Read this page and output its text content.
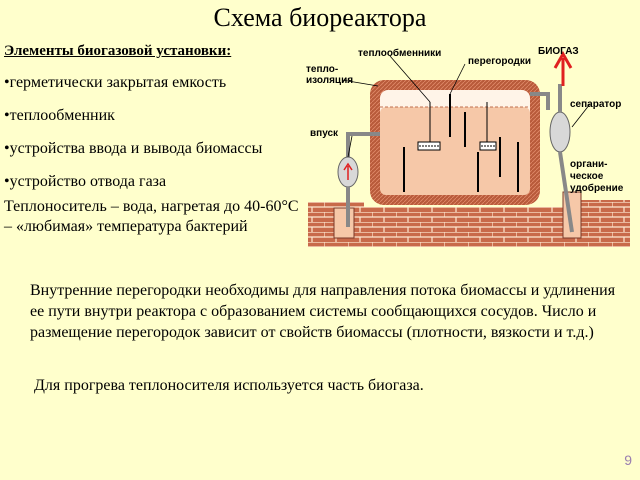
Схема биореактора
Элементы биогазовой установки:
•герметически закрытая емкость
•теплообменник
•устройства ввода и вывода биомассы
•устройство отвода газа
Теплоноситель – вода, нагретая до 40-60°С – «любимая» температура бактерий
тепло-
изоляция
теплообменники
перегородки
БИОГАЗ
сепаратор
впуск
органи-
ческое
удобрение
Внутренние перегородки необходимы для направления потока биомассы и удлинения ее пути внутри реактора с образованием системы сообщающихся сосудов. Число и размещение перегородок зависит от свойств биомассы (плотности, вязкости и т.д.)
Для прогрева теплоносителя используется часть биогаза.
9
